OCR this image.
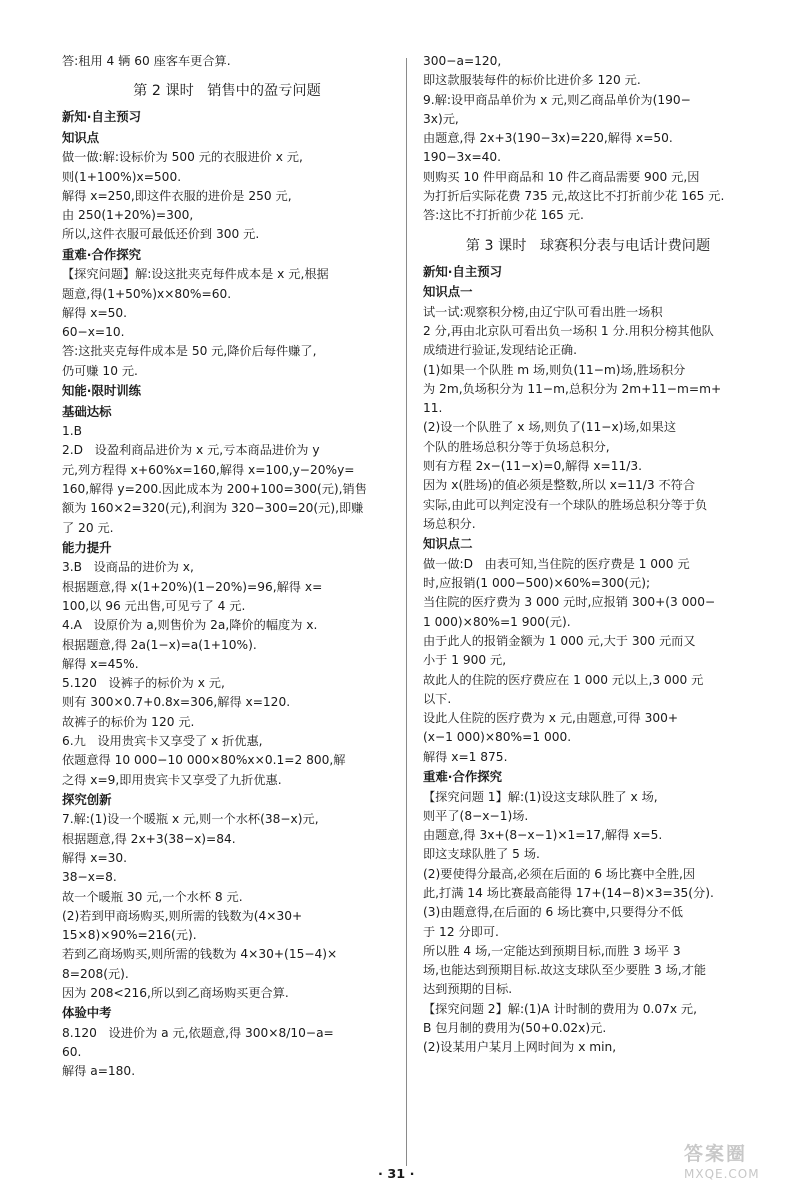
答:租用 4 辆 60 座客车更合算.
第 2 课时   销售中的盈亏问题
新知·自主预习
知识点
做一做:解:设标价为 500 元的衣服进价 x 元,
则(1+100%)x=500.
解得 x=250,即这件衣服的进价是 250 元,
由 250(1+20%)=300,
所以,这件衣服可最低还价到 300 元.
重难·合作探究
【探究问题】解:设这批夹克每件成本是 x 元,根据
题意,得(1+50%)x×80%=60.
解得 x=50.
60−x=10.
答:这批夹克每件成本是 50 元,降价后每件赚了,
仍可赚 10 元.
知能·限时训练
基础达标
1.B
2.D   设盈利商品进价为 x 元,亏本商品进价为 y
元,列方程得 x+60%x=160,解得 x=100,y−20%y=
160,解得 y=200.因此成本为 200+100=300(元),销售
额为 160×2=320(元),利润为 320−300=20(元),即赚
了 20 元.
能力提升
3.B   设商品的进价为 x,
根据题意,得 x(1+20%)(1−20%)=96,解得 x=
100,以 96 元出售,可见亏了 4 元.
4.A   设原价为 a,则售价为 2a,降价的幅度为 x.
根据题意,得 2a(1−x)=a(1+10%).
解得 x=45%.
5.120   设裤子的标价为 x 元,
则有 300×0.7+0.8x=306,解得 x=120.
故裤子的标价为 120 元.
6.九   设用贵宾卡又享受了 x 折优惠,
依题意得 10 000−10 000×80%x×0.1=2 800,解
之得 x=9,即用贵宾卡又享受了九折优惠.
探究创新
7.解:(1)设一个暖瓶 x 元,则一个水杯(38−x)元,
根据题意,得 2x+3(38−x)=84.
解得 x=30.
38−x=8.
故一个暖瓶 30 元,一个水杯 8 元.
(2)若到甲商场购买,则所需的钱数为(4×30+
15×8)×90%=216(元).
若到乙商场购买,则所需的钱数为 4×30+(15−4)×
8=208(元).
因为 208<216,所以到乙商场购买更合算.
体验中考
8.120   设进价为 a 元,依题意,得 300×8/10−a=
60.
解得 a=180.
300−a=120,
即这款服装每件的标价比进价多 120 元.
9.解:设甲商品单价为 x 元,则乙商品单价为(190−
3x)元,
由题意,得 2x+3(190−3x)=220,解得 x=50.
190−3x=40.
则购买 10 件甲商品和 10 件乙商品需要 900 元,因
为打折后实际花费 735 元,故这比不打折前少花 165 元.
答:这比不打折前少花 165 元.
第 3 课时   球赛积分表与电话计费问题
新知·自主预习
知识点一
试一试:观察积分榜,由辽宁队可看出胜一场积
2 分,再由北京队可看出负一场积 1 分.用积分榜其他队
成绩进行验证,发现结论正确.
(1)如果一个队胜 m 场,则负(11−m)场,胜场积分
为 2m,负场积分为 11−m,总积分为 2m+11−m=m+
11.
(2)设一个队胜了 x 场,则负了(11−x)场,如果这
个队的胜场总积分等于负场总积分,
则有方程 2x−(11−x)=0,解得 x=11/3.
因为 x(胜场)的值必须是整数,所以 x=11/3 不符合
实际,由此可以判定没有一个球队的胜场总积分等于负
场总积分.
知识点二
做一做:D   由表可知,当住院的医疗费是 1 000 元
时,应报销(1 000−500)×60%=300(元);
当住院的医疗费为 3 000 元时,应报销 300+(3 000−
1 000)×80%=1 900(元).
由于此人的报销金额为 1 000 元,大于 300 元而又
小于 1 900 元,
故此人的住院的医疗费应在 1 000 元以上,3 000 元
以下.
设此人住院的医疗费为 x 元,由题意,可得 300+
(x−1 000)×80%=1 000.
解得 x=1 875.
重难·合作探究
【探究问题 1】解:(1)设这支球队胜了 x 场,
则平了(8−x−1)场.
由题意,得 3x+(8−x−1)×1=17,解得 x=5.
即这支球队胜了 5 场.
(2)要使得分最高,必须在后面的 6 场比赛中全胜,因
此,打满 14 场比赛最高能得 17+(14−8)×3=35(分).
(3)由题意得,在后面的 6 场比赛中,只要得分不低
于 12 分即可.
所以胜 4 场,一定能达到预期目标,而胜 3 场平 3
场,也能达到预期目标.故这支球队至少要胜 3 场,才能
达到预期的目标.
【探究问题 2】解:(1)A 计时制的费用为 0.07x 元,
B 包月制的费用为(50+0.02x)元.
(2)设某用户某月上网时间为 x min,
· 31 ·
答案圈
MXQE.COM
